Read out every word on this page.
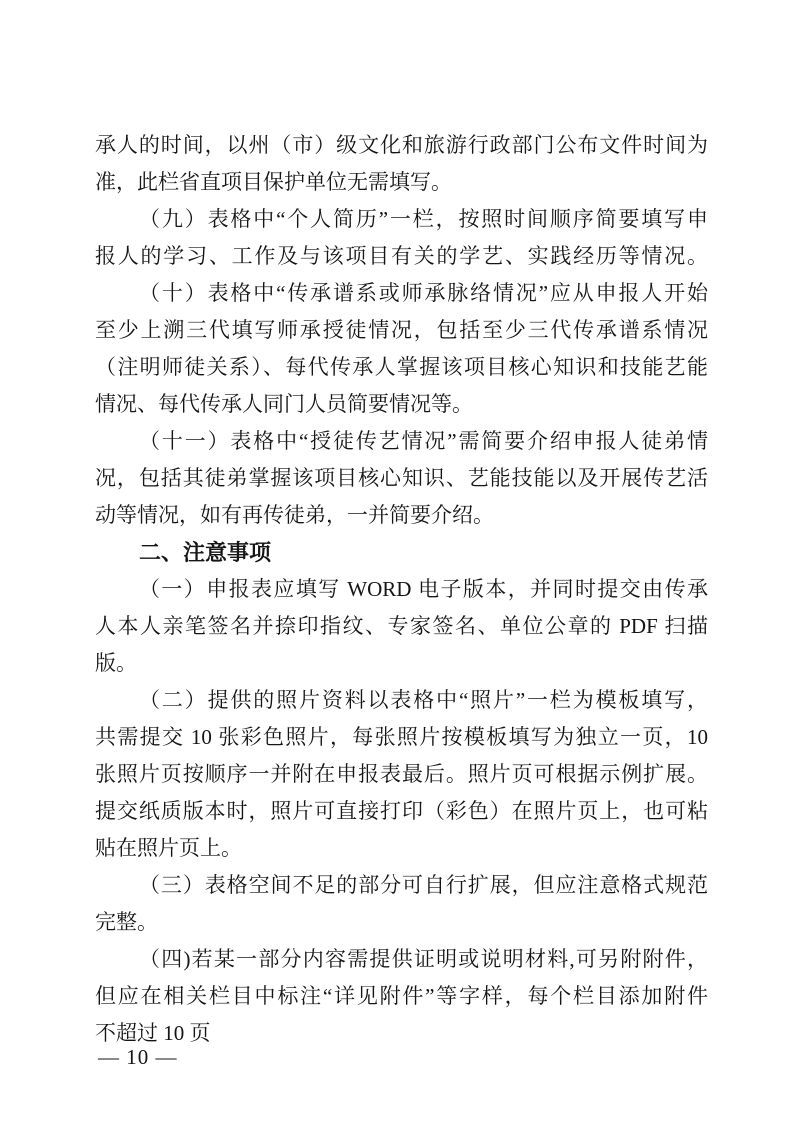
承人的时间，以州（市）级文化和旅游行政部门公布文件时间为
准，此栏省直项目保护单位无需填写。
（九）表格中“个人简历”一栏，按照时间顺序简要填写申
报人的学习、工作及与该项目有关的学艺、实践经历等情况。
（十）表格中“传承谱系或师承脉络情况”应从申报人开始
至少上溯三代填写师承授徒情况，包括至少三代传承谱系情况
（注明师徒关系）、每代传承人掌握该项目核心知识和技能艺能
情况、每代传承人同门人员简要情况等。
（十一）表格中“授徒传艺情况”需简要介绍申报人徒弟情
况，包括其徒弟掌握该项目核心知识、艺能技能以及开展传艺活
动等情况，如有再传徒弟，一并简要介绍。
二、注意事项
（一）申报表应填写 WORD 电子版本，并同时提交由传承
人本人亲笔签名并捺印指纹、专家签名、单位公章的 PDF 扫描
版。
（二）提供的照片资料以表格中“照片”一栏为模板填写，
共需提交 10 张彩色照片，每张照片按模板填写为独立一页，10
张照片页按顺序一并附在申报表最后。照片页可根据示例扩展。
提交纸质版本时，照片可直接打印（彩色）在照片页上，也可粘
贴在照片页上。
（三）表格空间不足的部分可自行扩展，但应注意格式规范
完整。
（四)若某一部分内容需提供证明或说明材料,可另附附件，
但应在相关栏目中标注“详见附件”等字样，每个栏目添加附件
不超过 10 页
— 10 —
